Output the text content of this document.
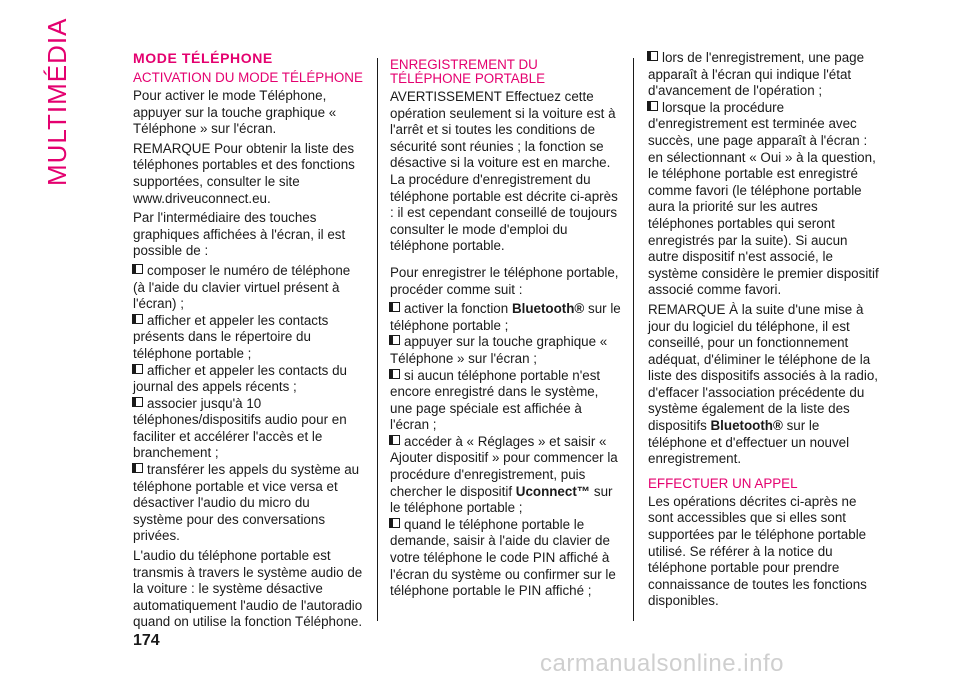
MULTIMÉDIA	MODE TÉLÉPHONE
ACTIVATION DU MODE TÉLÉPHONE

Pour activer le mode Téléphone, appuyer sur la touche graphique « Téléphone » sur l'écran.

REMARQUE Pour obtenir la liste des téléphones portables et des fonctions supportées, consulter le site www.driveuconnect.eu.

Par l'intermédiaire des touches graphiques affichées à l'écran, il est possible de :

composer le numéro de téléphone (à l'aide du clavier virtuel présent à l'écran) ;
afficher et appeler les contacts présents dans le répertoire du téléphone portable ;
afficher et appeler les contacts du journal des appels récents ;
associer jusqu'à 10 téléphones/dispositifs audio pour en faciliter et accélérer l'accès et le branchement ;
transférer les appels du système au téléphone portable et vice versa et désactiver l'audio du micro du système pour des conversations privées.

L'audio du téléphone portable est transmis à travers le système audio de la voiture : le système désactive automatiquement l'audio de l'autoradio quand on utilise la fonction Téléphone.

ENREGISTREMENT DU TÉLÉPHONE PORTABLE

AVERTISSEMENT Effectuez cette opération seulement si la voiture est à l'arrêt et si toutes les conditions de sécurité sont réunies ; la fonction se désactive si la voiture est en marche. La procédure d'enregistrement du téléphone portable est décrite ci-après : il est cependant conseillé de toujours consulter le mode d'emploi du téléphone portable.

Pour enregistrer le téléphone portable, procéder comme suit :

activer la fonction Bluetooth® sur le téléphone portable ;
appuyer sur la touche graphique « Téléphone » sur l'écran ;
si aucun téléphone portable n'est encore enregistré dans le système, une page spéciale est affichée à l'écran ;
accéder à « Réglages » et saisir « Ajouter dispositif » pour commencer la procédure d'enregistrement, puis chercher le dispositif Uconnect™ sur le téléphone portable ;
quand le téléphone portable le demande, saisir à l'aide du clavier de votre téléphone le code PIN affiché à l'écran du système ou confirmer sur le téléphone portable le PIN affiché ;
lors de l'enregistrement, une page apparaît à l'écran qui indique l'état d'avancement de l'opération ;
lorsque la procédure d'enregistrement est terminée avec succès, une page apparaît à l'écran : en sélectionnant « Oui » à la question, le téléphone portable est enregistré comme favori (le téléphone portable aura la priorité sur les autres téléphones portables qui seront enregistrés par la suite). Si aucun autre dispositif n'est associé, le système considère le premier dispositif associé comme favori.

REMARQUE À la suite d'une mise à jour du logiciel du téléphone, il est conseillé, pour un fonctionnement adéquat, d'éliminer le téléphone de la liste des dispositifs associés à la radio, d'effacer l'association précédente du système également de la liste des dispositifs Bluetooth® sur le téléphone et d'effectuer un nouvel enregistrement.

EFFECTUER UN APPEL

Les opérations décrites ci-après ne sont accessibles que si elles sont supportées par le téléphone portable utilisé. Se référer à la notice du téléphone portable pour prendre connaissance de toutes les fonctions disponibles.

174
carmanualsonline.info
